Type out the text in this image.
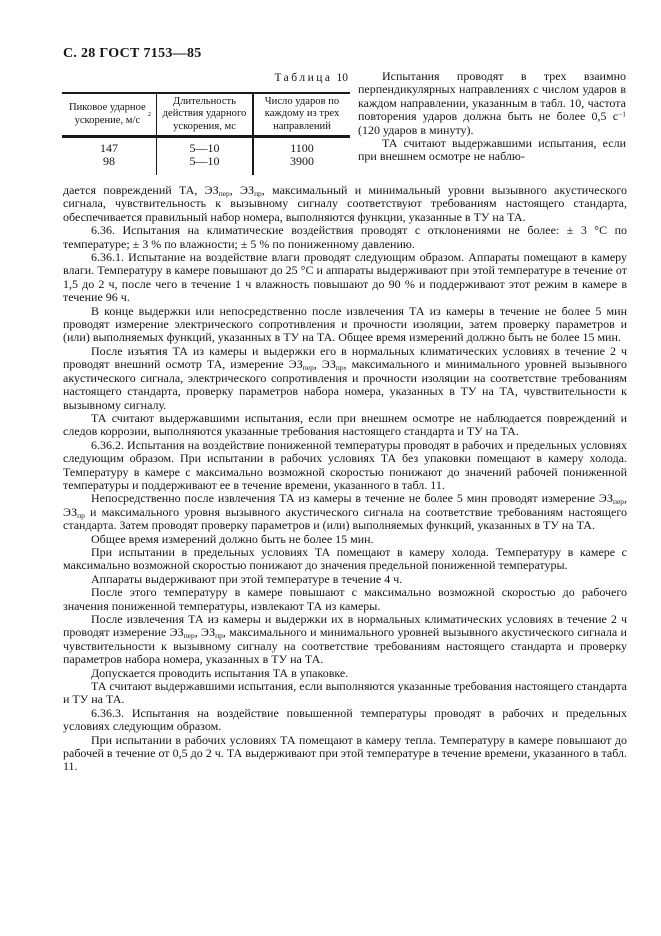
С. 28 ГОСТ 7153—85
Таблица 10
Пиковое ударное ускорение, м/с
2
Длительность действия ударного ускорения, мс
Число ударов по каждому из трех направлений
147
98
5—10
5—10
1100
3900

Испытания проводят в трех взаимно перпендикулярных направлениях с числом ударов в каждом направлении, указанным в табл. 10, частота повторения ударов должна быть не более 0,5 $с^{-1}$ (120 ударов в минуту).

ТА считают выдержавшими испытания, если при внешнем осмотре не наблю-

дается повреждений ТА, $ЭЗ_{пер}$, $ЭЗ_{пр}$, максимальный и минимальный уровни вызывного акустического сигнала, чувствительность к вызывному сигналу соответствуют требованиям настоящего стандарта, обеспечивается правильный набор номера, выполняются функции, указанные в ТУ на ТА.

6.36. Испытания на климатические воздействия проводят с отклонениями не более: ± 3 °С по температуре; ± 3 % по влажности; ± 5 % по пониженному давлению.

6.36.1. Испытание на воздействие влаги проводят следующим образом. Аппараты помещают в камеру влаги. Температуру в камере повышают до 25 °С и аппараты выдерживают при этой температуре в течение от 1,5 до 2 ч, после чего в течение 1 ч влажность повышают до 90 % и поддерживают этот режим в камере в течение 96 ч.

В конце выдержки или непосредственно после извлечения ТА из камеры в течение не более 5 мин проводят измерение электрического сопротивления и прочности изоляции, затем проверку параметров и (или) выполняемых функций, указанных в ТУ на ТА. Общее время измерений должно быть не более 15 мин.

После изъятия ТА из камеры и выдержки его в нормальных климатических условиях в течение 2 ч проводят внешний осмотр ТА, измерение $ЭЗ_{пер}$, $ЭЗ_{пр}$, максимального и минимального уровней вызывного акустического сигнала, электрического сопротивления и прочности изоляции на соответствие требованиям настоящего стандарта, проверку параметров набора номера, указанных в ТУ на ТА, чувствительности к вызывному сигналу.

ТА считают выдержавшими испытания, если при внешнем осмотре не наблюдается повреждений и следов коррозии, выполняются указанные требования настоящего стандарта и ТУ на ТА.

6.36.2. Испытания на воздействие пониженной температуры проводят в рабочих и предельных условиях следующим образом. При испытании в рабочих условиях ТА без упаковки помещают в камеру холода. Температуру в камере с максимально возможной скоростью понижают до значений рабочей пониженной температуры и поддерживают ее в течение времени, указанного в табл. 11.

Непосредственно после извлечения ТА из камеры в течение не более 5 мин проводят измерение $ЭЗ_{пер}$, $ЭЗ_{пр}$ и максимального уровня вызывного акустического сигнала на соответствие требованиям настоящего стандарта. Затем проводят проверку параметров и (или) выполняемых функций, указанных в ТУ на ТА.

Общее время измерений должно быть не более 15 мин.

При испытании в предельных условиях ТА помещают в камеру холода. Температуру в камере с максимально возможной скоростью понижают до значения предельной пониженной температуры.

Аппараты выдерживают при этой температуре в течение 4 ч.

После этого температуру в камере повышают с максимально возможной скоростью до рабочего значения пониженной температуры, извлекают ТА из камеры.

После извлечения ТА из камеры и выдержки их в нормальных климатических условиях в течение 2 ч проводят измерение $ЭЗ_{пер}$, $ЭЗ_{пр}$, максимального и минимального уровней вызывного акустического сигнала и чувствительности к вызывному сигналу на соответствие требованиям настоящего стандарта и проверку параметров набора номера, указанных в ТУ на ТА.

Допускается проводить испытания ТА в упаковке.

ТА считают выдержавшими испытания, если выполняются указанные требования настоящего стандарта и ТУ на ТА.

6.36.3. Испытания на воздействие повышенной температуры проводят в рабочих и предельных условиях следующим образом.

При испытании в рабочих условиях ТА помещают в камеру тепла. Температуру в камере повышают до рабочей в течение от 0,5 до 2 ч. ТА выдерживают при этой температуре в течение времени, указанного в табл. 11.
